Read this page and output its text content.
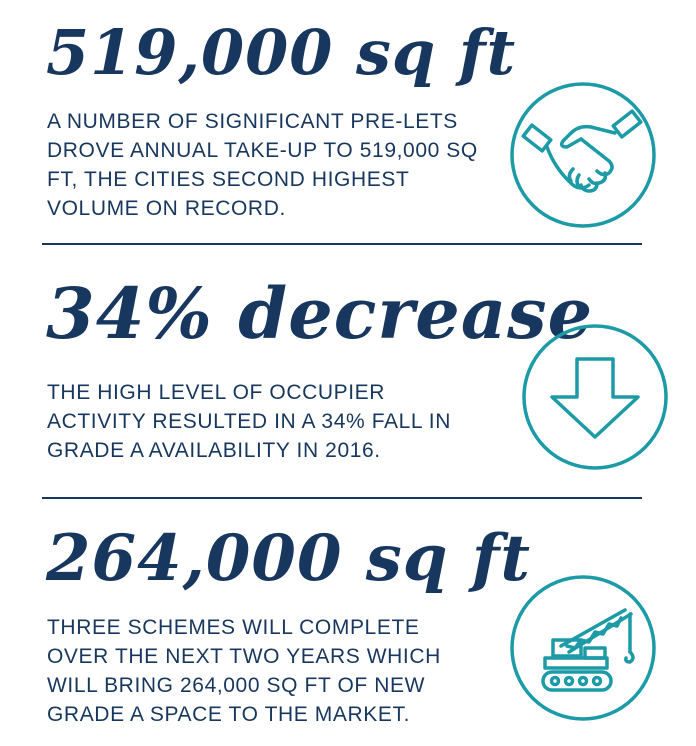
519,000 sq ft
A NUMBER OF SIGNIFICANT PRE-LETS
DROVE ANNUAL TAKE-UP TO 519,000 SQ
FT, THE CITIES SECOND HIGHEST
VOLUME ON RECORD.
34% decrease
THE HIGH LEVEL OF OCCUPIER
ACTIVITY RESULTED IN A 34% FALL IN
GRADE A AVAILABILITY IN 2016.
264,000 sq ft
THREE SCHEMES WILL COMPLETE
OVER THE NEXT TWO YEARS WHICH
WILL BRING 264,000 SQ FT OF NEW
GRADE A SPACE TO THE MARKET.
